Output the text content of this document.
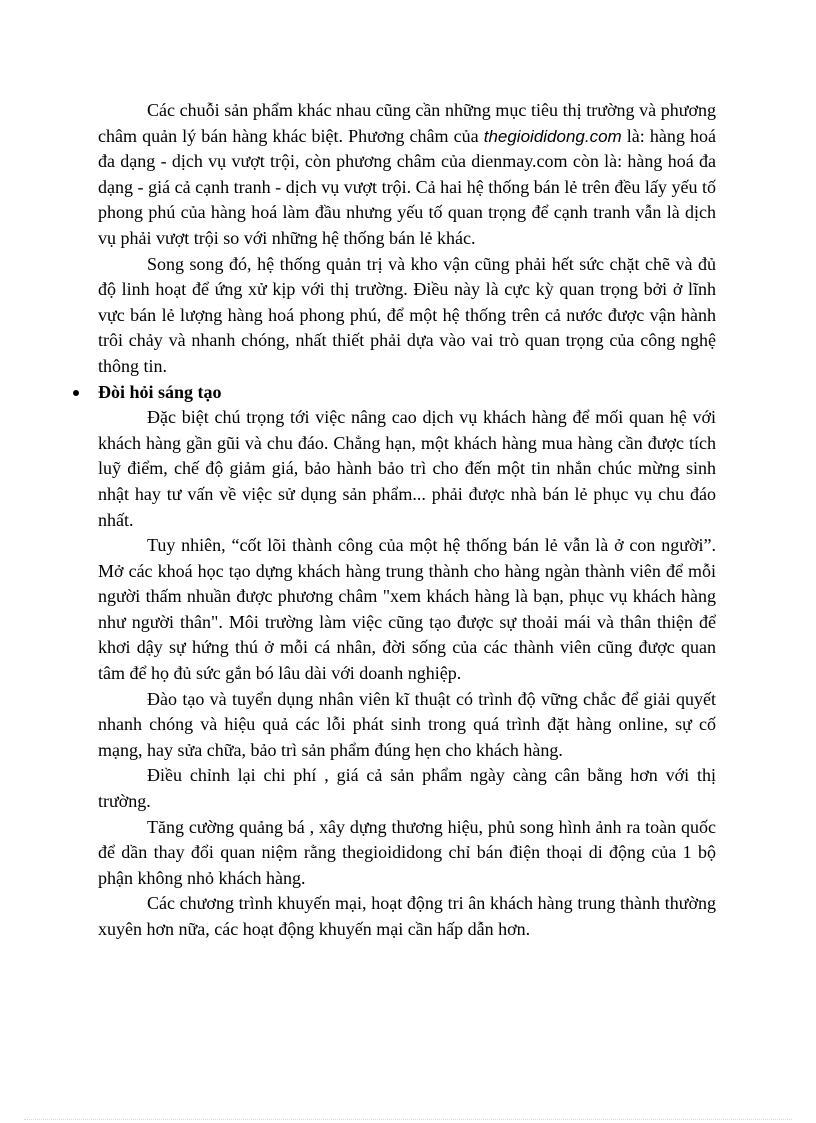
Các chuỗi sản phẩm khác nhau cũng cần những mục tiêu thị trường và phương châm quản lý bán hàng khác biệt. Phương châm của thegioididong.com là: hàng hoá đa dạng - dịch vụ vượt trội, còn phương châm của dienmay.com còn là: hàng hoá đa dạng - giá cả cạnh tranh - dịch vụ vượt trội. Cả hai hệ thống bán lẻ trên đều lấy yếu tố phong phú của hàng hoá làm đầu nhưng yếu tố quan trọng để cạnh tranh vẫn là dịch vụ phải vượt trội so với những hệ thống bán lẻ khác.

Song song đó, hệ thống quản trị và kho vận cũng phải hết sức chặt chẽ và đủ độ linh hoạt để ứng xử kịp với thị trường. Điều này là cực kỳ quan trọng bởi ở lĩnh vực bán lẻ lượng hàng hoá phong phú, để một hệ thống trên cả nước được vận hành trôi chảy và nhanh chóng, nhất thiết phải dựa vào vai trò quan trọng của công nghệ thông tin.

Đòi hỏi sáng tạo

Đặc biệt chú trọng tới việc nâng cao dịch vụ khách hàng để mối quan hệ với khách hàng gần gũi và chu đáo. Chẳng hạn, một khách hàng mua hàng cần được tích luỹ điểm, chế độ giảm giá, bảo hành bảo trì cho đến một tin nhắn chúc mừng sinh nhật hay tư vấn về việc sử dụng sản phẩm... phải được nhà bán lẻ phục vụ chu đáo nhất.

Tuy nhiên, “cốt lõi thành công của một hệ thống bán lẻ vẫn là ở con người”. Mở các khoá học tạo dựng khách hàng trung thành cho hàng ngàn thành viên để mỗi người thấm nhuần được phương châm "xem khách hàng là bạn, phục vụ khách hàng như người thân". Môi trường làm việc cũng tạo được sự thoải mái và thân thiện để khơi dậy sự hứng thú ở mỗi cá nhân, đời sống của các thành viên cũng được quan tâm để họ đủ sức gắn bó lâu dài với doanh nghiệp.

Đào tạo và tuyển dụng nhân viên kĩ thuật có trình độ vững chắc để giải quyết nhanh chóng và hiệu quả các lỗi phát sinh trong quá trình đặt hàng online, sự cố mạng, hay sửa chữa, bảo trì sản phẩm đúng hẹn cho khách hàng.

Điều chỉnh lại chi phí , giá cả sản phẩm ngày càng cân bằng hơn với thị trường.

Tăng cường quảng bá , xây dựng thương hiệu, phủ song hình ảnh ra toàn quốc để dần thay đổi quan niệm rằng thegioididong chỉ bán điện thoại di động của 1 bộ phận không nhỏ khách hàng.

Các chương trình khuyến mại, hoạt động tri ân khách hàng trung thành thường xuyên hơn nữa, các hoạt động khuyến mại cần hấp dẫn hơn.
